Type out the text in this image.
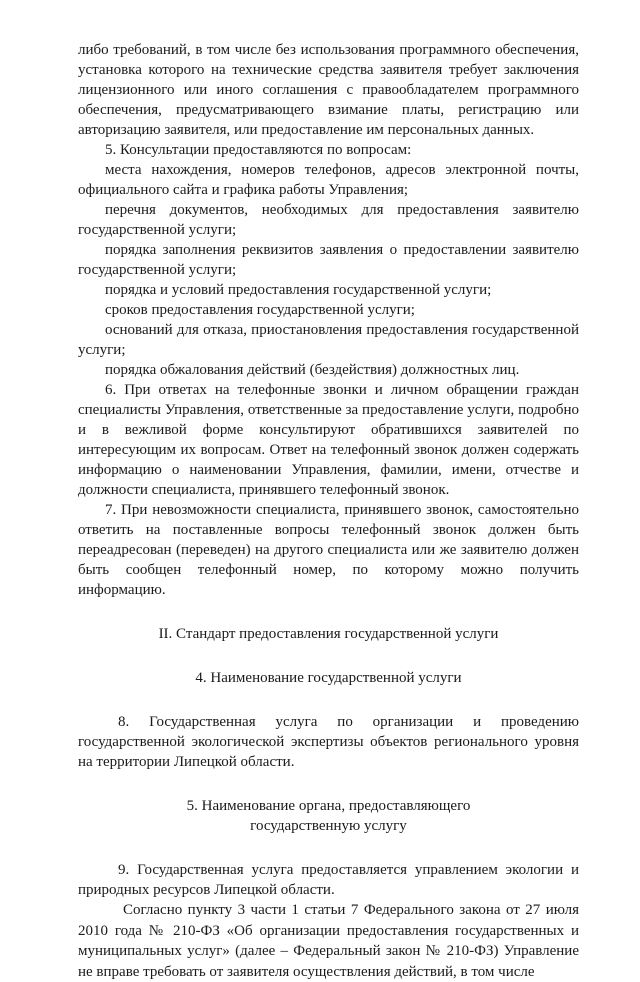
либо требований, в том числе без использования программного обеспечения, установка которого на технические средства заявителя требует заключения лицензионного или иного соглашения с правообладателем программного обеспечения, предусматривающего взимание платы, регистрацию или авторизацию заявителя, или предоставление им персональных данных.

5. Консультации предоставляются по вопросам:

места нахождения, номеров телефонов, адресов электронной почты, официального сайта и графика работы Управления;

перечня документов, необходимых для предоставления заявителю государственной услуги;

порядка заполнения реквизитов заявления о предоставлении заявителю государственной услуги;

порядка и условий предоставления государственной услуги;

сроков предоставления государственной услуги;

оснований для отказа, приостановления предоставления государственной услуги;

порядка обжалования действий (бездействия) должностных лиц.

6. При ответах на телефонные звонки и личном обращении граждан специалисты Управления, ответственные за предоставление услуги, подробно и в вежливой форме консультируют обратившихся заявителей по интересующим их вопросам. Ответ на телефонный звонок должен содержать информацию о наименовании Управления, фамилии, имени, отчестве и должности специалиста, принявшего телефонный звонок.

7. При невозможности специалиста, принявшего звонок, самостоятельно ответить на поставленные вопросы телефонный звонок должен быть переадресован (переведен) на другого специалиста или же заявителю должен быть сообщен телефонный номер, по которому можно получить информацию.

II. Стандарт предоставления государственной услуги

4. Наименование государственной услуги

8. Государственная услуга по организации и проведению государственной экологической экспертизы объектов регионального уровня на территории Липецкой области.

5. Наименование органа, предоставляющего

государственную услугу

9. Государственная услуга предоставляется управлением экологии и природных ресурсов Липецкой области.

Согласно пункту 3 части 1 статьи 7 Федерального закона от 27 июля 2010 года № 210-ФЗ «Об организации предоставления государственных и муниципальных услуг» (далее – Федеральный закон № 210-ФЗ) Управление не вправе требовать от заявителя осуществления действий, в том числе
